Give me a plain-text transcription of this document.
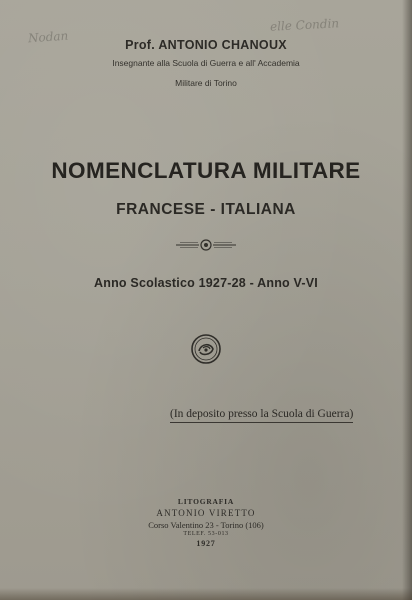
Nodan
elle Condin
Prof. ANTONIO CHANOUX
Insegnante alla Scuola di Guerra e all' Accademia
Militare di Torino
NOMENCLATURA MILITARE
FRANCESE - ITALIANA
Anno Scolastico 1927-28 - Anno V-VI
(In deposito presso la Scuola di Guerra)
LITOGRAFIA
ANTONIO VIRETTO
Corso Valentino 23 - Torino (106)
TELEF. 53-013
1927
